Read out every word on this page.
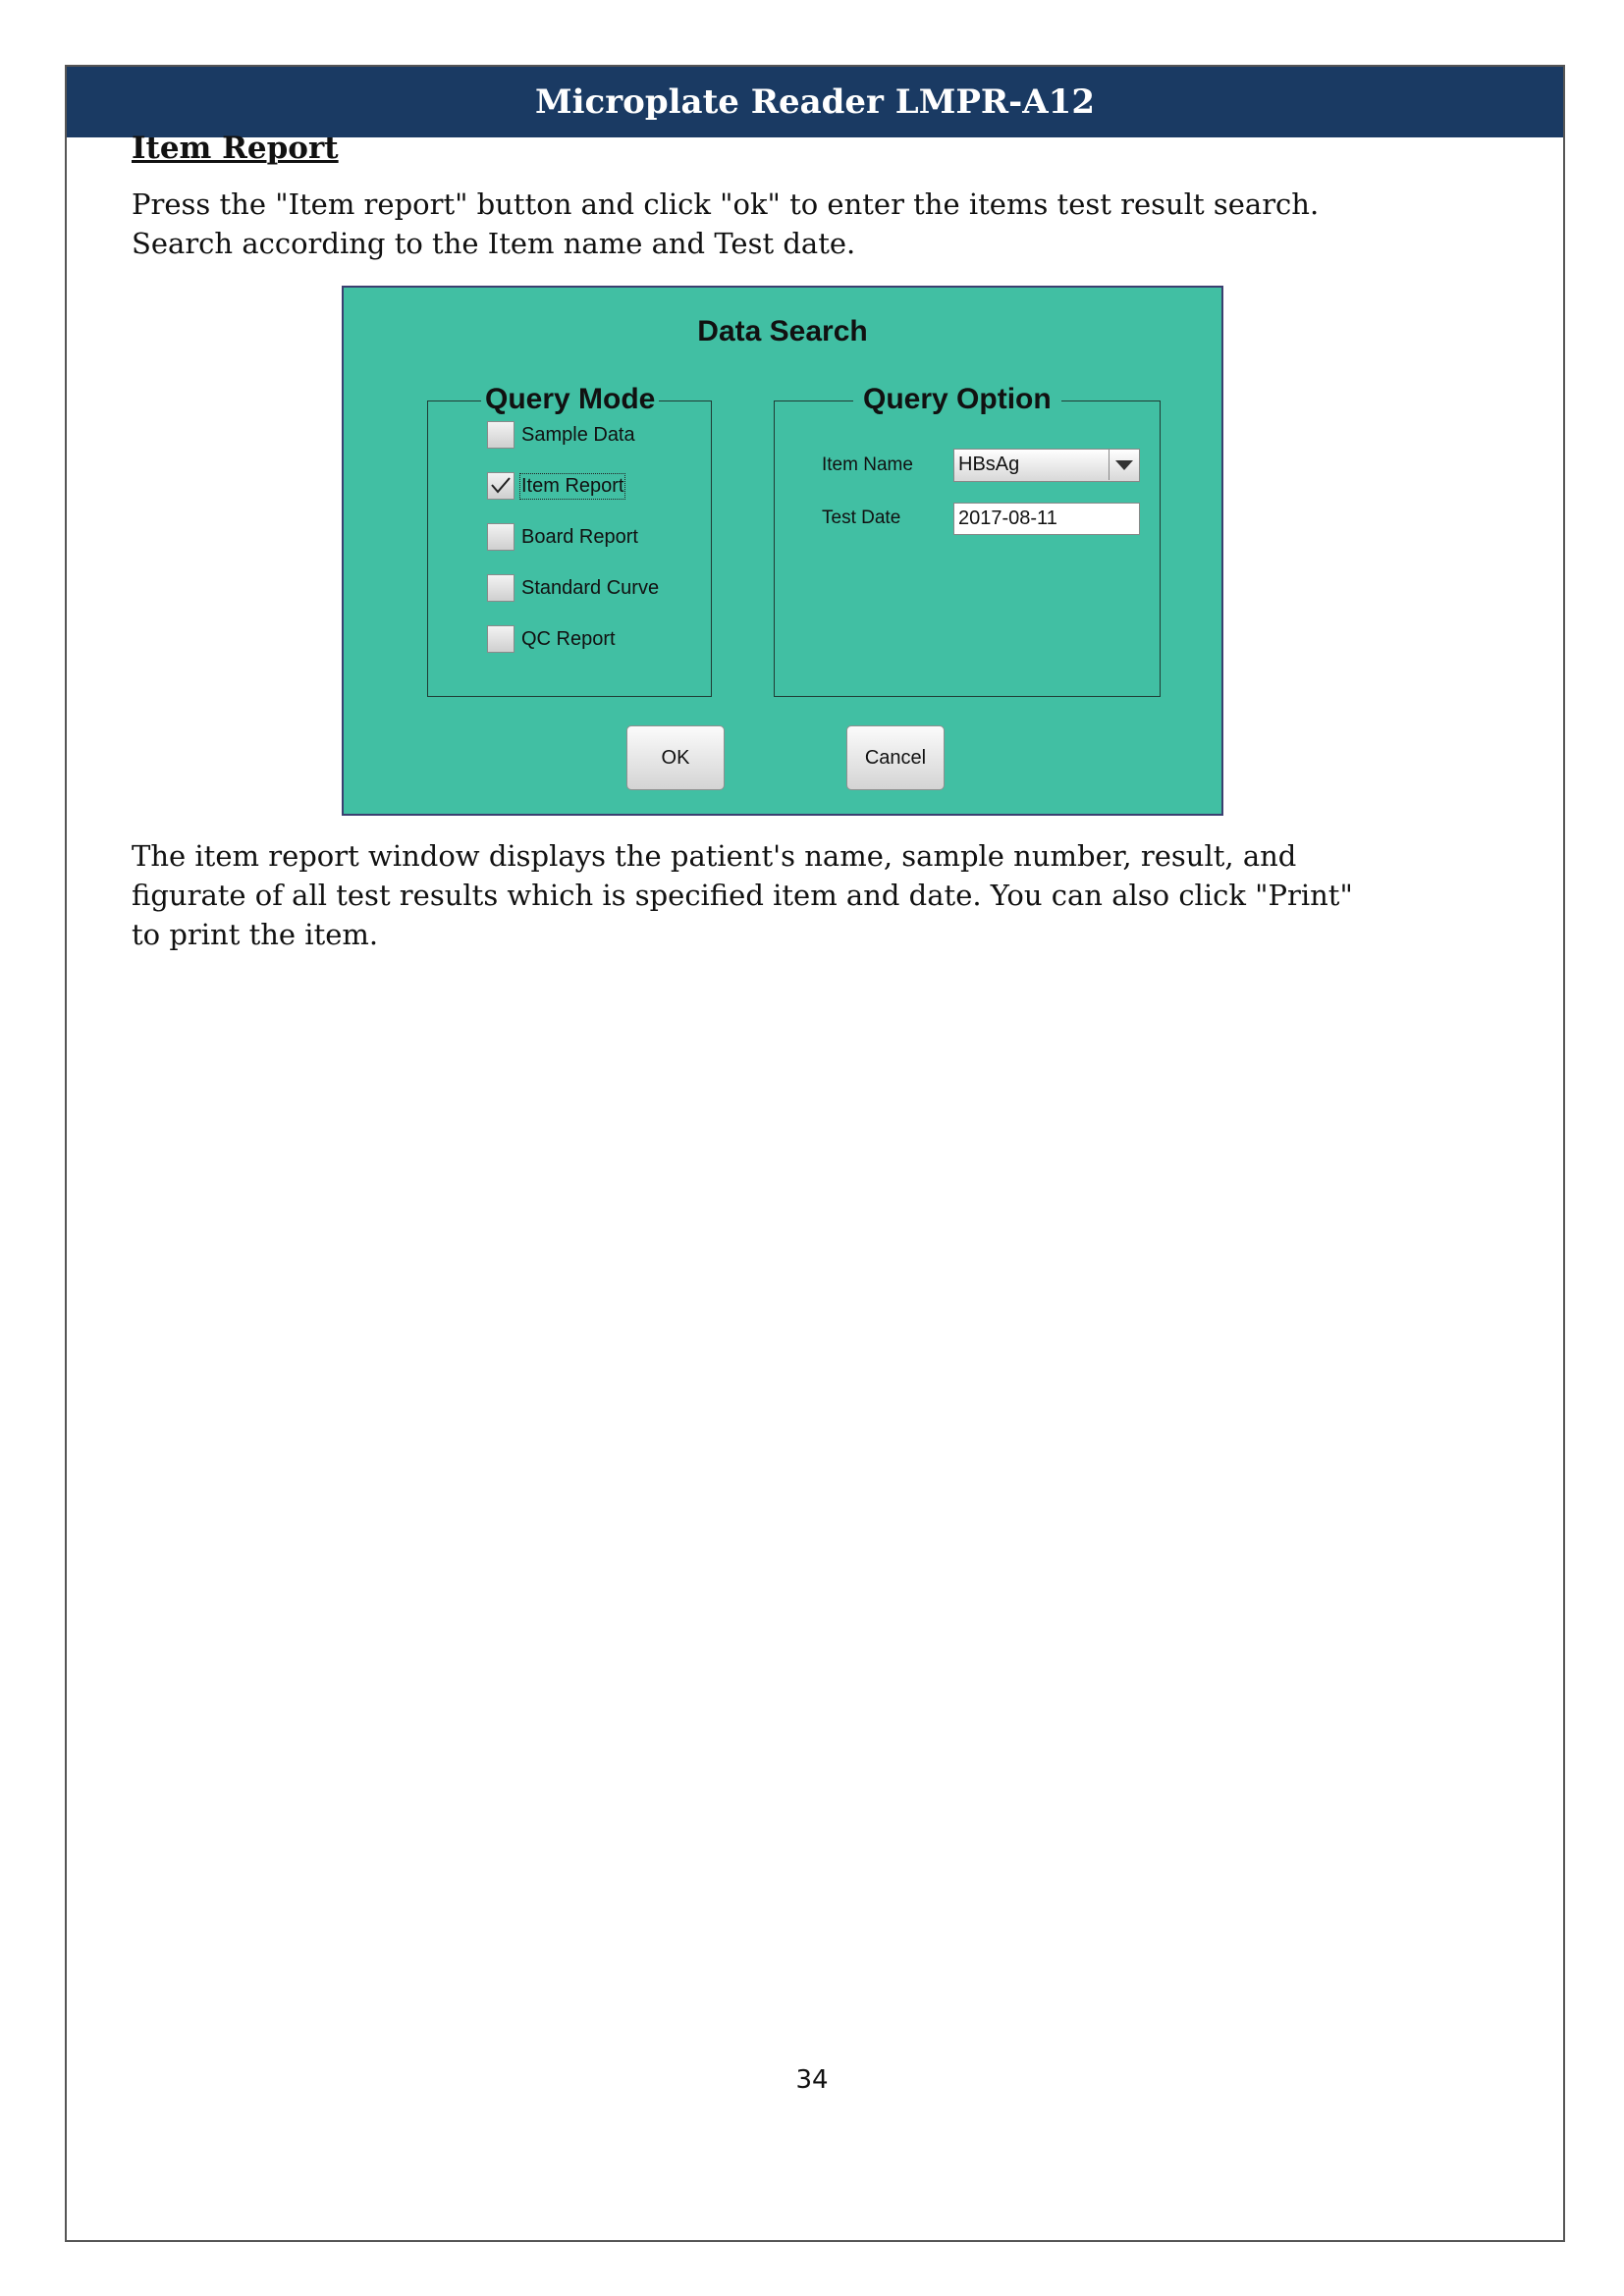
Microplate Reader LMPR-A12
Item Report
Press the "Item report" button and click "ok" to enter the items test result search. Search according to the Item name and Test date.
Data Search
Query Mode
Sample Data
Item Report
Board Report
Standard Curve
QC Report
Query Option
Item Name HBsAg
Test Date
2017-08-11
OK	Cancel
The item report window displays the patient's name, sample number, result, and figurate of all test results which is specified item and date. You can also click "Print" to print the item.
34
